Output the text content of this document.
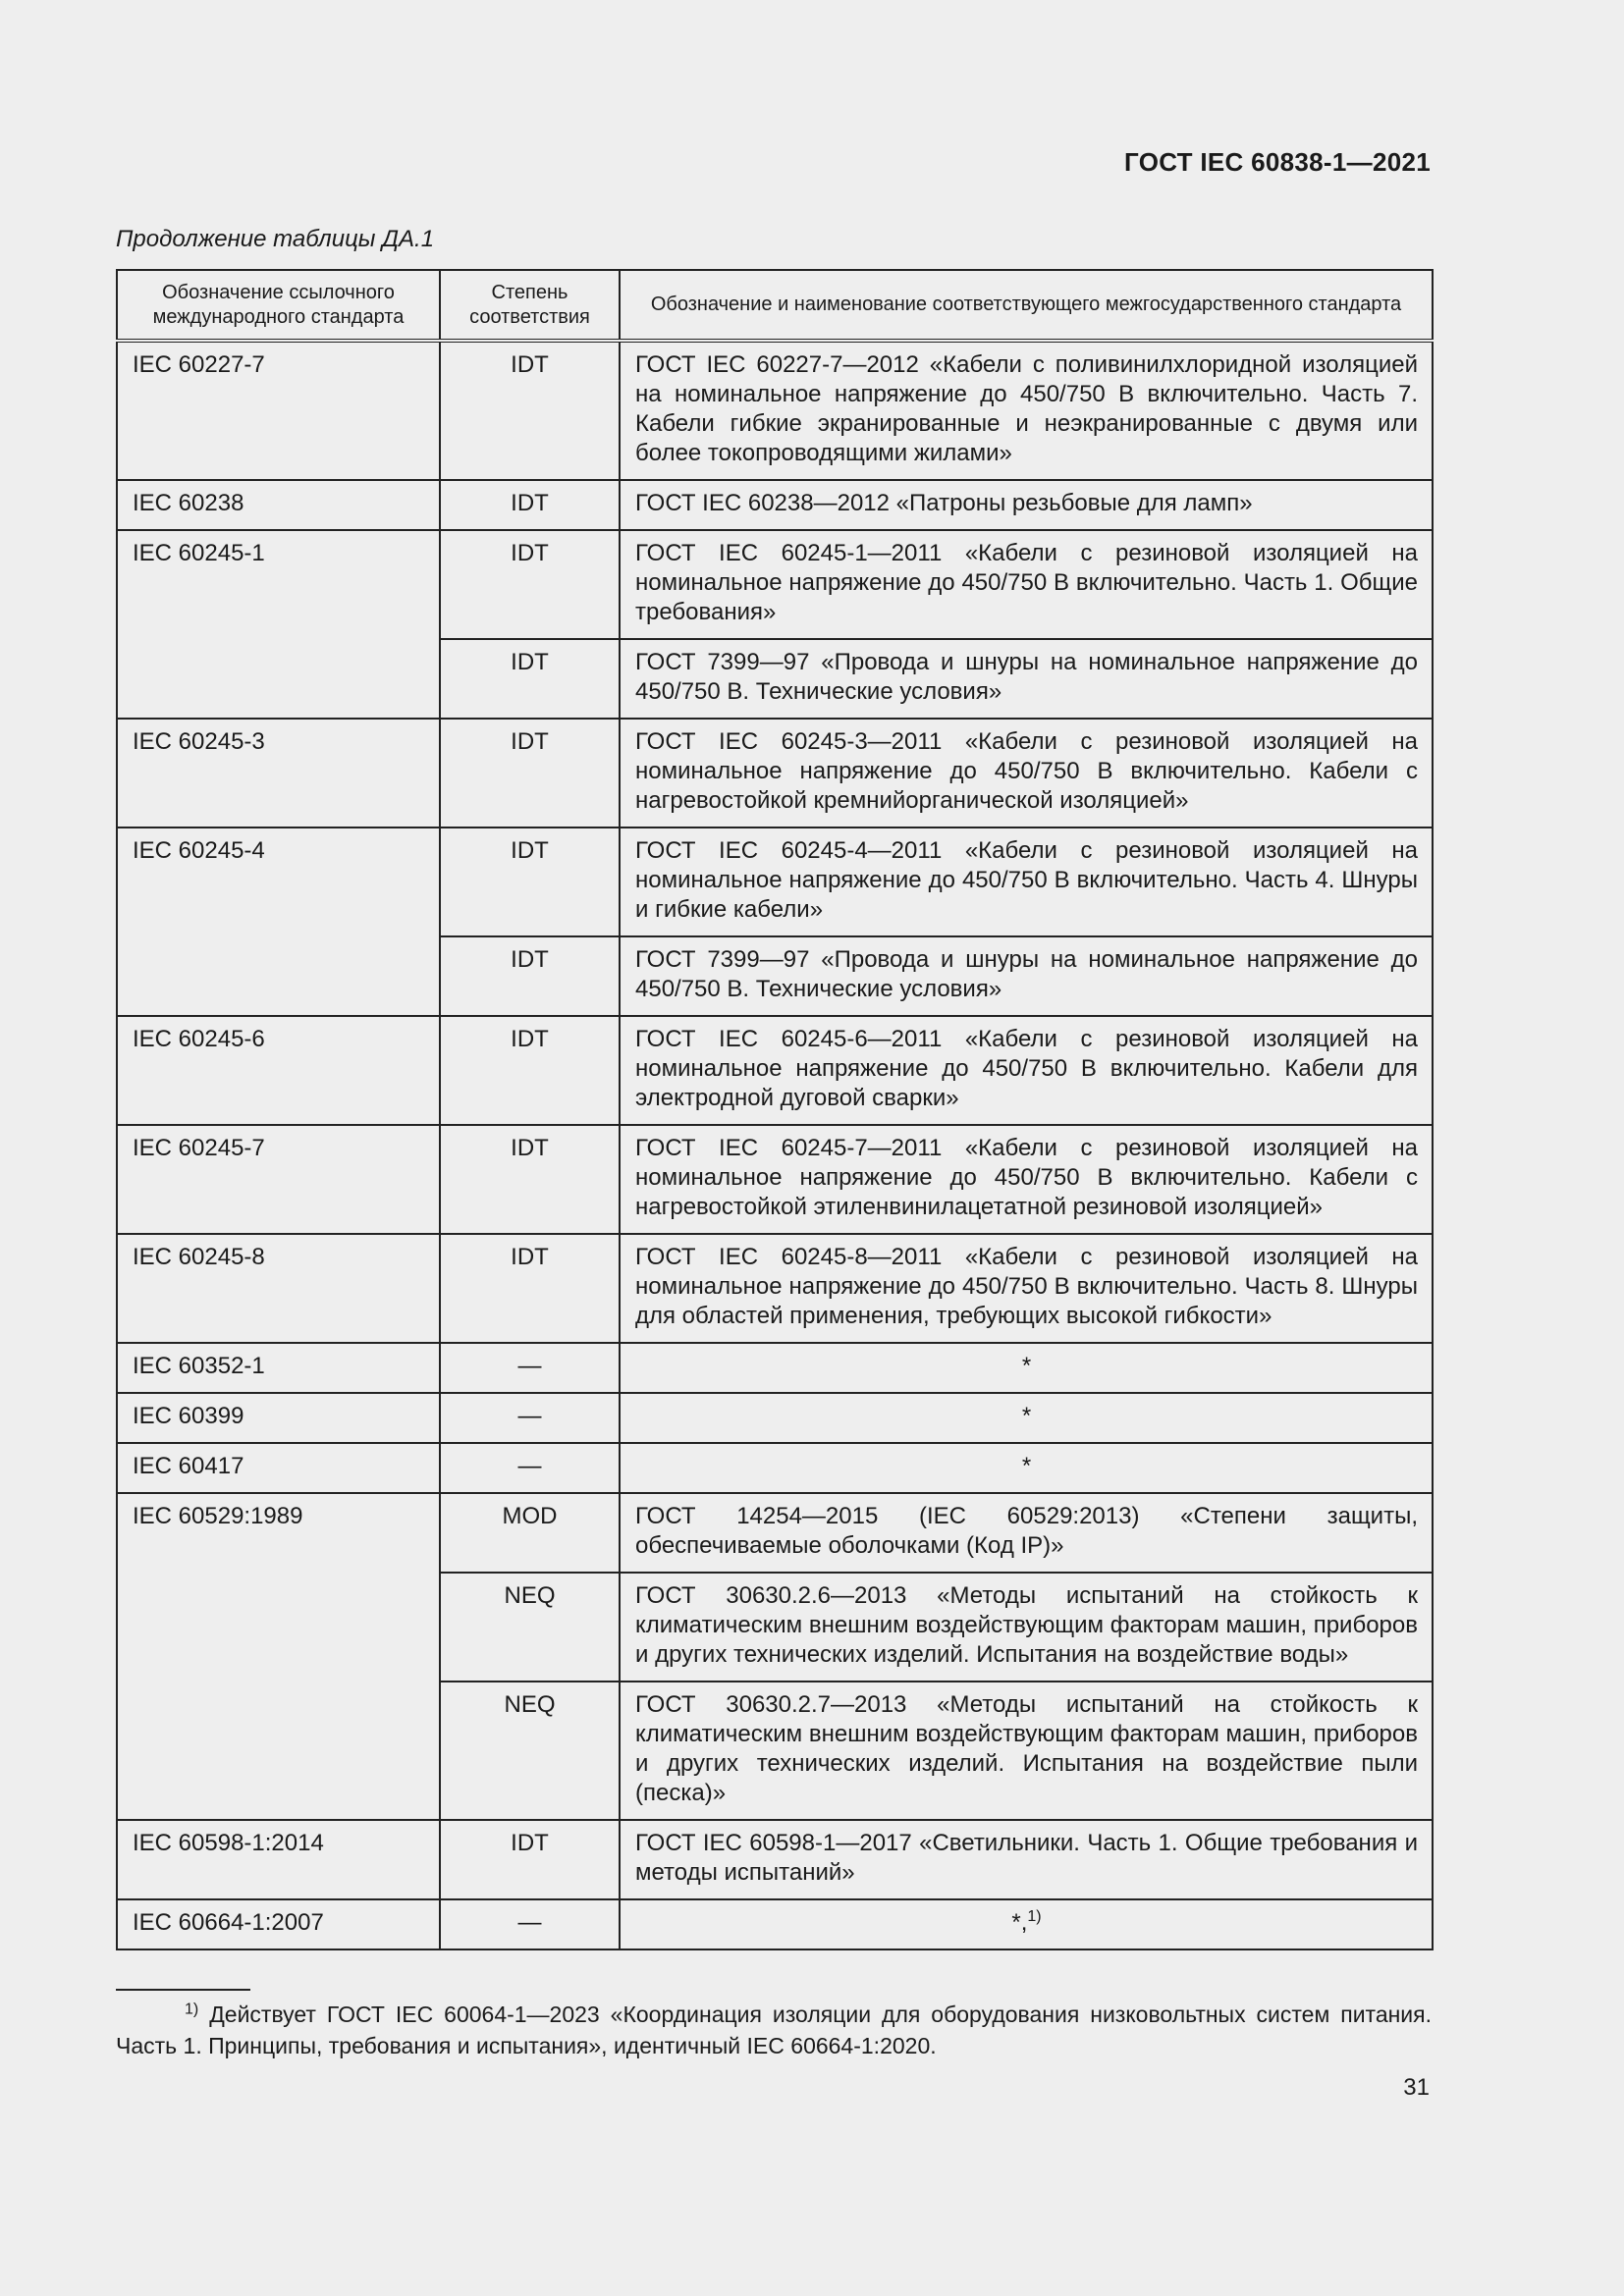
ГОСТ IEC 60838-1—2021
Продолжение таблицы ДА.1
Обозначение ссылочного международного стандарта	Степень соответствия	Обозначение и наименование соответствующего межгосударственного стандарта
IEC 60227-7	IDT	ГОСТ IEC 60227-7—2012 «Кабели с поливинилхлоридной изоляцией на номинальное напряжение до 450/750 В включительно. Часть 7. Кабели гибкие экранированные и неэкранированные с двумя или более токопроводящими жилами»
IEC 60238	IDT	ГОСТ IEC 60238—2012 «Патроны резьбовые для ламп»
IEC 60245-1	IDT	ГОСТ IEC 60245-1—2011 «Кабели с резиновой изоляцией на номинальное напряжение до 450/750 В включительно. Часть 1. Общие требования»
	IDT	ГОСТ 7399—97 «Провода и шнуры на номинальное напряжение до 450/750 В. Технические условия»
IEC 60245-3	IDT	ГОСТ IEC 60245-3—2011 «Кабели с резиновой изоляцией на номинальное напряжение до 450/750 В включительно. Кабели с нагревостойкой кремнийорганической изоляцией»
IEC 60245-4	IDT	ГОСТ IEC 60245-4—2011 «Кабели с резиновой изоляцией на номинальное напряжение до 450/750 В включительно. Часть 4. Шнуры и гибкие кабели»
	IDT	ГОСТ 7399—97 «Провода и шнуры на номинальное напряжение до 450/750 В. Технические условия»
IEC 60245-6	IDT	ГОСТ IEC 60245-6—2011 «Кабели с резиновой изоляцией на номинальное напряжение до 450/750 В включительно. Кабели для электродной дуговой сварки»
IEC 60245-7	IDT	ГОСТ IEC 60245-7—2011 «Кабели с резиновой изоляцией на номинальное напряжение до 450/750 В включительно. Кабели с нагревостойкой этиленвинилацетатной резиновой изоляцией»
IEC 60245-8	IDT	ГОСТ IEC 60245-8—2011 «Кабели с резиновой изоляцией на номинальное напряжение до 450/750 В включительно. Часть 8. Шнуры для областей применения, требующих высокой гибкости»
IEC 60352-1	—	*
IEC 60399	—	*
IEC 60417	—	*
IEC 60529:1989	MOD	ГОСТ 14254—2015 (IEC 60529:2013) «Степени защиты, обеспечиваемые оболочками (Код IP)»
	NEQ	ГОСТ 30630.2.6—2013 «Методы испытаний на стойкость к климатическим внешним воздействующим факторам машин, приборов и других технических изделий. Испытания на воздействие воды»
	NEQ	ГОСТ 30630.2.7—2013 «Методы испытаний на стойкость к климатическим внешним воздействующим факторам машин, приборов и других технических изделий. Испытания на воздействие пыли (песка)»
IEC 60598-1:2014	IDT	ГОСТ IEC 60598-1—2017 «Светильники. Часть 1. Общие требования и методы испытаний»
IEC 60664-1:2007	—	*,$^{1)}$
$^{1)}$ Действует ГОСТ IEC 60064-1—2023 «Координация изоляции для оборудования низковольтных систем питания. Часть 1. Принципы, требования и испытания», идентичный IEC 60664-1:2020.
31
